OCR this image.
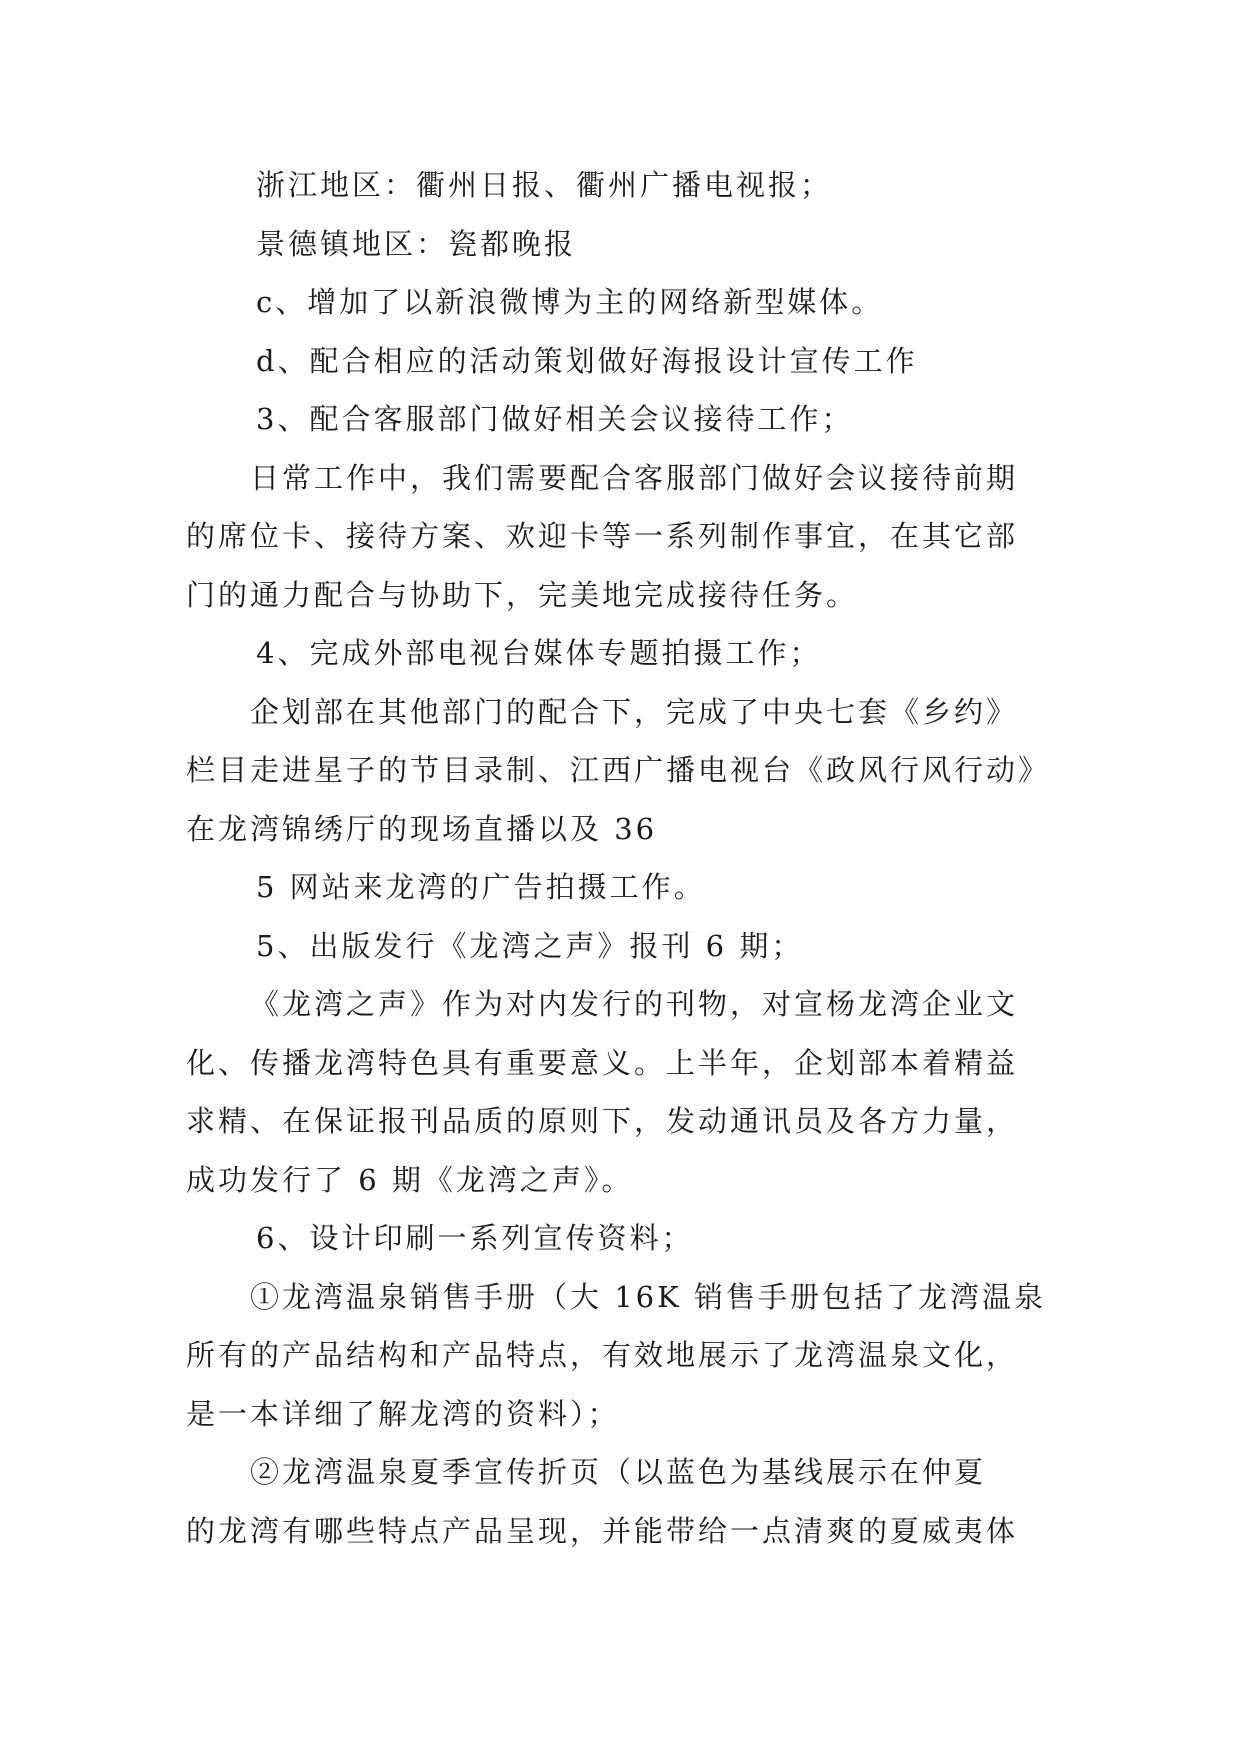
浙江地区：衢州日报、衢州广播电视报；
景德镇地区：瓷都晚报
c、增加了以新浪微博为主的网络新型媒体。
d、配合相应的活动策划做好海报设计宣传工作
3、配合客服部门做好相关会议接待工作；
日常工作中，我们需要配合客服部门做好会议接待前期
的席位卡、接待方案、欢迎卡等一系列制作事宜，在其它部
门的通力配合与协助下，完美地完成接待任务。
4、完成外部电视台媒体专题拍摄工作；
企划部在其他部门的配合下，完成了中央七套《乡约》
栏目走进星子的节目录制、江西广播电视台《政风行风行动》
在龙湾锦绣厅的现场直播以及 36
5 网站来龙湾的广告拍摄工作。
5、出版发行《龙湾之声》报刊 6 期；
《龙湾之声》作为对内发行的刊物，对宣杨龙湾企业文
化、传播龙湾特色具有重要意义。上半年，企划部本着精益
求精、在保证报刊品质的原则下，发动通讯员及各方力量，
成功发行了 6 期《龙湾之声》。
6、设计印刷一系列宣传资料；
①龙湾温泉销售手册（大 16K 销售手册包括了龙湾温泉
所有的产品结构和产品特点，有效地展示了龙湾温泉文化，
是一本详细了解龙湾的资料）；
②龙湾温泉夏季宣传折页（以蓝色为基线展示在仲夏
的龙湾有哪些特点产品呈现，并能带给一点清爽的夏威夷体
